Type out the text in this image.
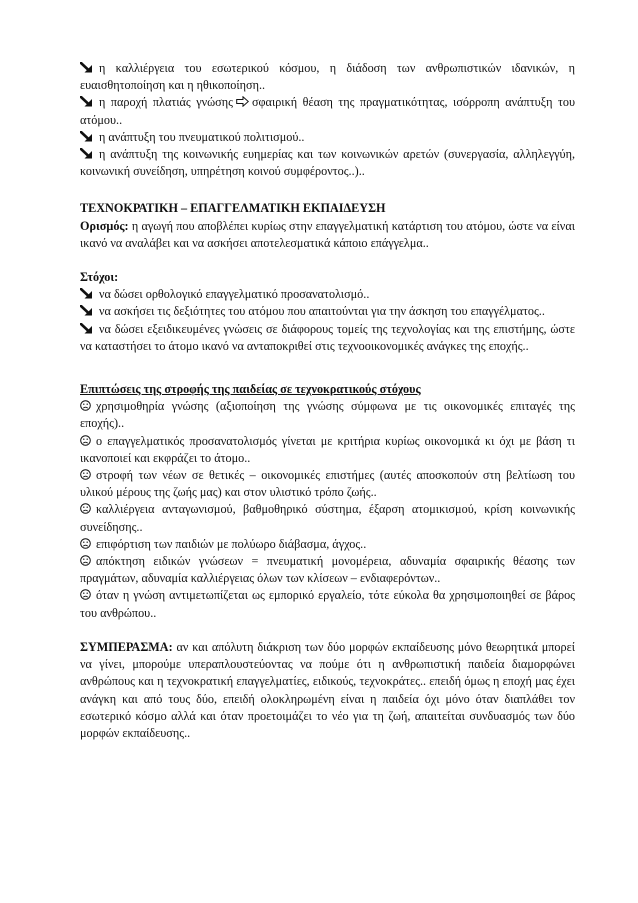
η καλλιέργεια του εσωτερικού κόσμου, η διάδοση των ανθρωπιστικών ιδανικών, η ευαισθητοποίηση και η ηθικοποίηση..

η παροχή πλατιάς γνώσης σφαιρική θέαση της πραγματικότητας, ισόρροπη ανάπτυξη του ατόμου..

η ανάπτυξη του πνευματικού πολιτισμού..

η ανάπτυξη της κοινωνικής ευημερίας και των κοινωνικών αρετών (συνεργασία, αλληλεγγύη, κοινωνική συνείδηση, υπηρέτηση κοινού συμφέροντος..)..

ΤΕΧΝΟΚΡΑΤΙΚΗ – ΕΠΑΓΓΕΛΜΑΤΙΚΗ ΕΚΠΑΙΔΕΥΣΗ

Ορισμός: η αγωγή που αποβλέπει κυρίως στην επαγγελματική κατάρτιση του ατόμου, ώστε να είναι ικανό να αναλάβει και να ασκήσει αποτελεσματικά κάποιο επάγγελμα..

Στόχοι:

να δώσει ορθολογικό επαγγελματικό προσανατολισμό..

να ασκήσει τις δεξιότητες του ατόμου που απαιτούνται για την άσκηση του επαγγέλματος..

να δώσει εξειδικευμένες γνώσεις σε διάφορους τομείς της τεχνολογίας και της επιστήμης, ώστε να καταστήσει το άτομο ικανό να ανταποκριθεί στις τεχνοοικονομικές ανάγκες της εποχής..

Επιπτώσεις της στροφής της παιδείας σε τεχνοκρατικούς στόχους

χρησιμοθηρία γνώσης (αξιοποίηση της γνώσης σύμφωνα με τις οικονομικές επιταγές της εποχής)..

ο επαγγελματικός προσανατολισμός γίνεται με κριτήρια κυρίως οικονομικά κι όχι με βάση τι ικανοποιεί και εκφράζει το άτομο..

στροφή των νέων σε θετικές – οικονομικές επιστήμες (αυτές αποσκοπούν στη βελτίωση του υλικού μέρους της ζωής μας) και στον υλιστικό τρόπο ζωής..

καλλιέργεια ανταγωνισμού, βαθμοθηρικό σύστημα, έξαρση ατομικισμού, κρίση κοινωνικής συνείδησης..

επιφόρτιση των παιδιών με πολύωρο διάβασμα, άγχος..

απόκτηση ειδικών γνώσεων = πνευματική μονομέρεια, αδυναμία σφαιρικής θέασης των πραγμάτων, αδυναμία καλλιέργειας όλων των κλίσεων – ενδιαφερόντων..

όταν η γνώση αντιμετωπίζεται ως εμπορικό εργαλείο, τότε εύκολα θα χρησιμοποιηθεί σε βάρος του ανθρώπου..

ΣΥΜΠΕΡΑΣΜΑ: αν και απόλυτη διάκριση των δύο μορφών εκπαίδευσης μόνο θεωρητικά μπορεί να γίνει, μπορούμε υπεραπλουστεύοντας να πούμε ότι η ανθρωπιστική παιδεία διαμορφώνει ανθρώπους και η τεχνοκρατική επαγγελματίες, ειδικούς, τεχνοκράτες.. επειδή όμως η εποχή μας έχει ανάγκη και από τους δύο, επειδή ολοκληρωμένη είναι η παιδεία όχι μόνο όταν διαπλάθει τον εσωτερικό κόσμο αλλά και όταν προετοιμάζει το νέο για τη ζωή, απαιτείται συνδυασμός των δύο μορφών εκπαίδευσης..
